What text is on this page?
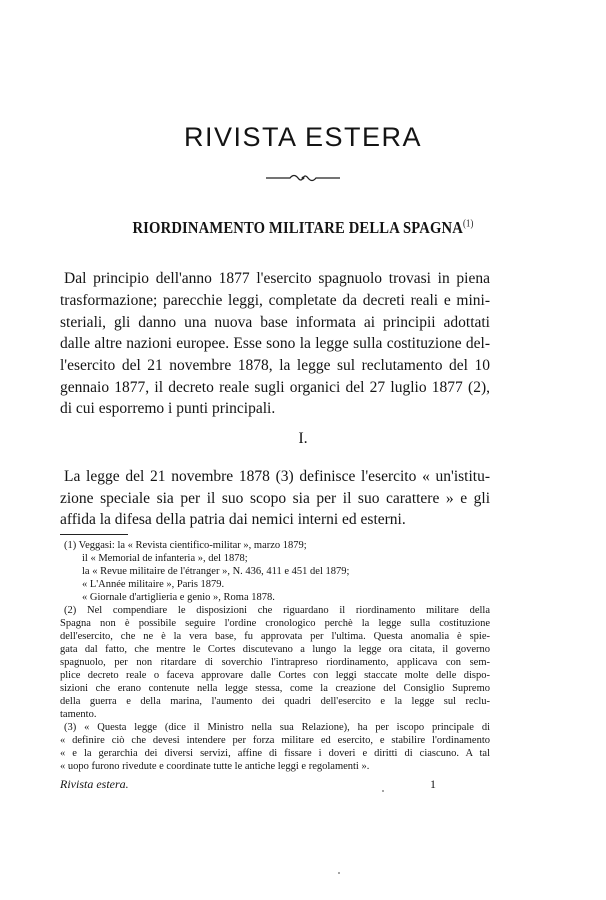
RIVISTA ESTERA
RIORDINAMENTO MILITARE DELLA SPAGNA$^{(1)}$
Dal principio dell'anno 1877 l'esercito spagnuolo trovasi in piena
trasformazione; parecchie leggi, completate da decreti reali e mini-
steriali, gli danno una nuova base informata ai principii adottati
dalle altre nazioni europee. Esse sono la legge sulla costituzione del-
l'esercito del 21 novembre 1878, la legge sul reclutamento del 10
gennaio 1877, il decreto reale sugli organici del 27 luglio 1877 (2),
di cui esporremo i punti principali.
I.
La legge del 21 novembre 1878 (3) definisce l'esercito « un'istitu-
zione speciale sia per il suo scopo sia per il suo carattere » e gli
affida la difesa della patria dai nemici interni ed esterni.
(1) Veggasi: la « Revista cientifico-militar », marzo 1879;
il « Memorial de infanteria », del 1878;
la « Revue militaire de l'étranger », N. 436, 411 e 451 del 1879;
« L'Année militaire », Paris 1879.
« Giornale d'artiglieria e genio », Roma 1878.
(2) Nel compendiare le disposizioni che riguardano il riordinamento militare della
Spagna non è possibile seguire l'ordine cronologico perchè la legge sulla costituzione
dell'esercito, che ne è la vera base, fu approvata per l'ultima. Questa anomalia è spie-
gata dal fatto, che mentre le Cortes discutevano a lungo la legge ora citata, il governo
spagnuolo, per non ritardare di soverchio l'intrapreso riordinamento, applicava con sem-
plice decreto reale o faceva approvare dalle Cortes con leggi staccate molte delle dispo-
sizioni che erano contenute nella legge stessa, come la creazione del Consiglio Supremo
della guerra e della marina, l'aumento dei quadri dell'esercito e la legge sul reclu-
tamento.
(3) « Questa legge (dice il Ministro nella sua Relazione), ha per iscopo principale di
« definire ciò che devesi intendere per forza militare ed esercito, e stabilire l'ordinamento
« e la gerarchia dei diversi servizi, affine di fissare i doveri e diritti di ciascuno. A tal
« uopo furono rivedute e coordinate tutte le antiche leggi e regolamenti ».
Rivista estera.	1
